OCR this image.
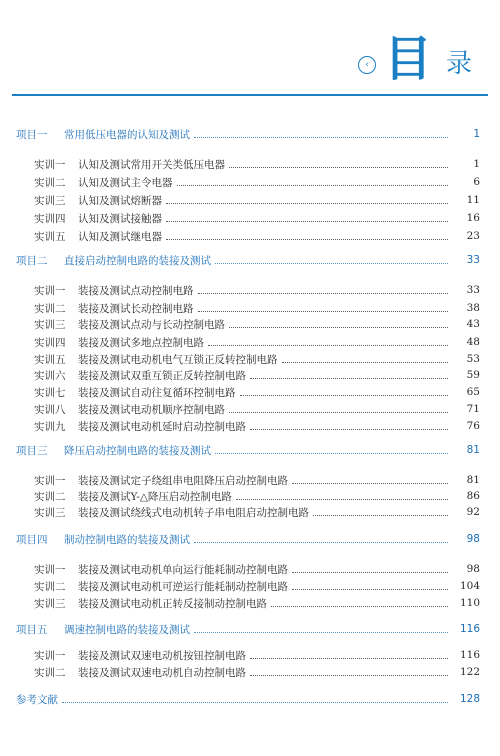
‹ 目 录
项目一	常用低压电器的认知及测试	1
实训一	认知及测试常用开关类低压电器	1
实训二	认知及测试主令电器	6
实训三	认知及测试熔断器	11
实训四	认知及测试接触器	16
实训五	认知及测试继电器	23
项目二	直接启动控制电路的装接及测试	33
实训一	装接及测试点动控制电路	33
实训二	装接及测试长动控制电路	38
实训三	装接及测试点动与长动控制电路	43
实训四	装接及测试多地点控制电路	48
实训五	装接及测试电动机电气互锁正反转控制电路	53
实训六	装接及测试双重互锁正反转控制电路	59
实训七	装接及测试自动往复循环控制电路	65
实训八	装接及测试电动机顺序控制电路	71
实训九	装接及测试电动机延时启动控制电路	76
项目三	降压启动控制电路的装接及测试	81
实训一	装接及测试定子绕组串电阻降压启动控制电路	81
实训二	装接及测试Y-△降压启动控制电路	86
实训三	装接及测试绕线式电动机转子串电阻启动控制电路	92
项目四	制动控制电路的装接及测试	98
实训一	装接及测试电动机单向运行能耗制动控制电路	98
实训二	装接及测试电动机可逆运行能耗制动控制电路	104
实训三	装接及测试电动机正转反接制动控制电路	110
项目五	调速控制电路的装接及测试	116
实训一	装接及测试双速电动机按钮控制电路	116
实训二	装接及测试双速电动机自动控制电路	122
参考文献	128
